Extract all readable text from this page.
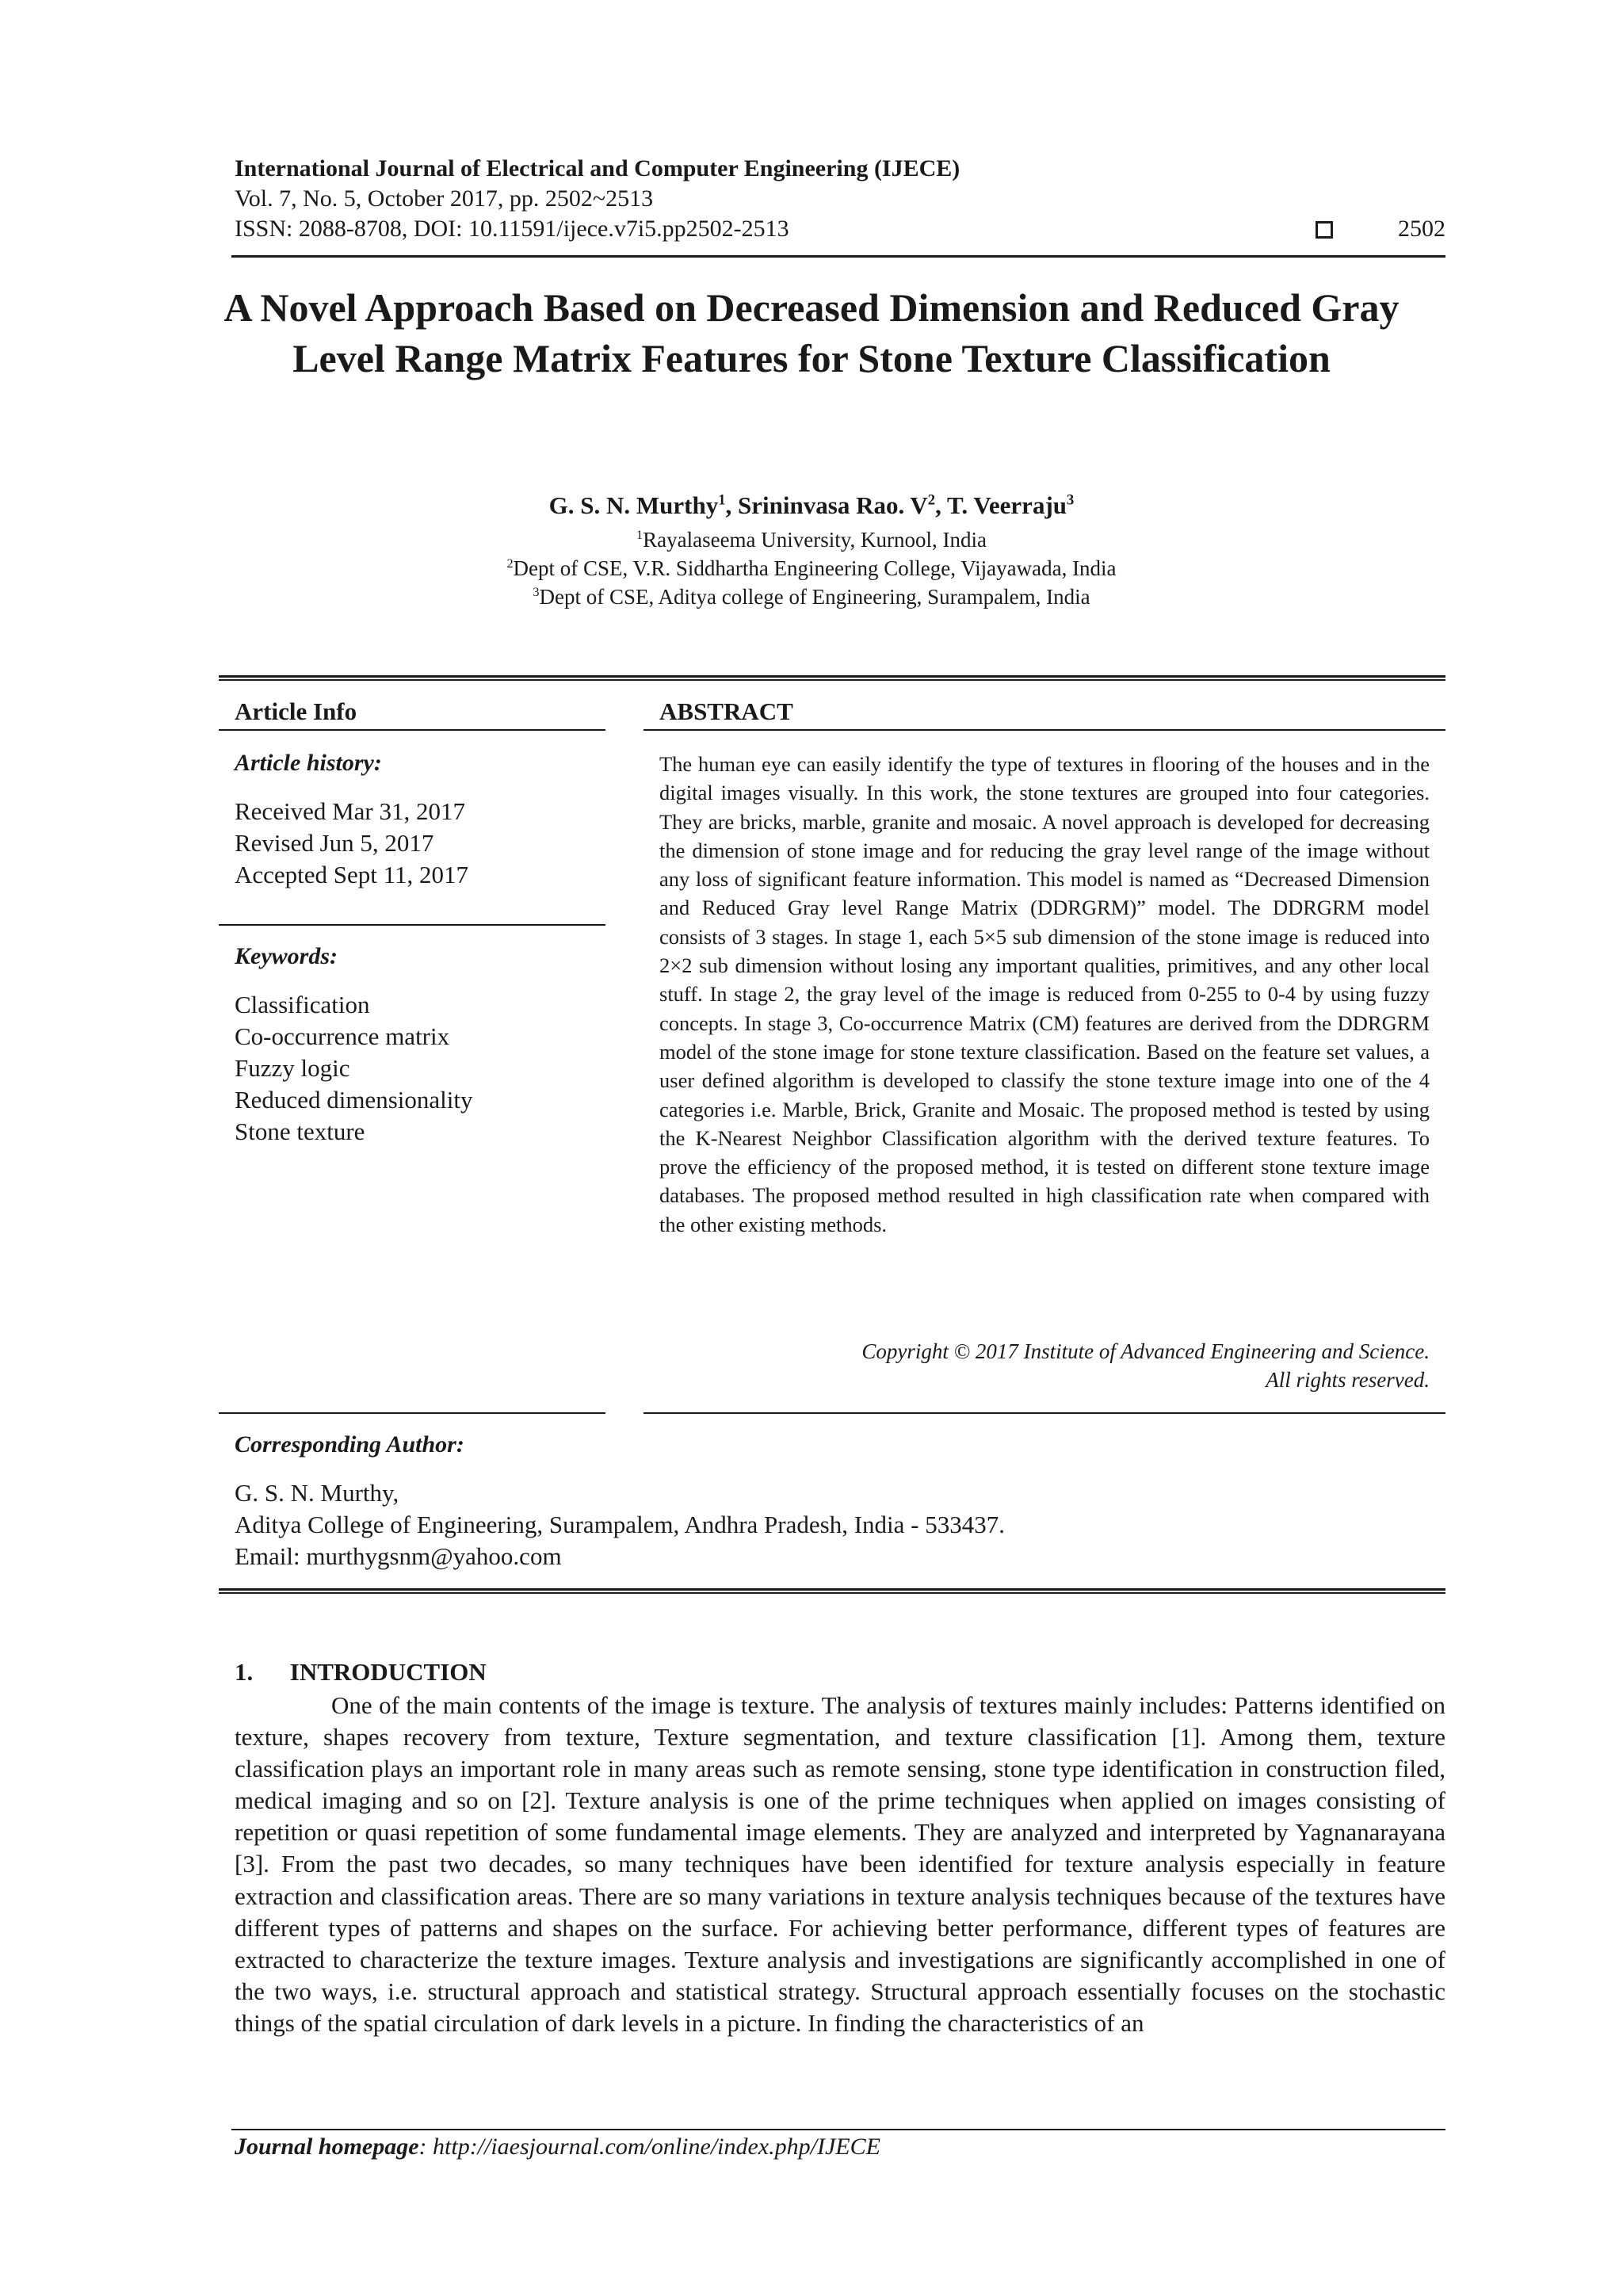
International Journal of Electrical and Computer Engineering (IJECE)
Vol. 7, No. 5, October 2017, pp. 2502~2513
ISSN: 2088-8708, DOI: 10.11591/ijece.v7i5.pp2502-2513	2502
A Novel Approach Based on Decreased Dimension and Reduced Gray Level Range Matrix Features for Stone Texture Classification
G. S. N. Murthy$^1$, Srininvasa Rao. $V^2$, T. Veerraju$^3$
$^1$Rayalaseema University, Kurnool, India
$^2$Dept of CSE, V.R. Siddhartha Engineering College, Vijayawada, India
$^3$Dept of CSE, Aditya college of Engineering, Surampalem, India
Article Info
Article history:
Received Mar 31, 2017
Revised Jun 5, 2017
Accepted Sept 11, 2017
Keywords:
Classification
Co-occurrence matrix
Fuzzy logic
Reduced dimensionality
Stone texture
ABSTRACT
The human eye can easily identify the type of textures in flooring of the houses and in the digital images visually. In this work, the stone textures are grouped into four categories. They are bricks, marble, granite and mosaic. A novel approach is developed for decreasing the dimension of stone image and for reducing the gray level range of the image without any loss of significant feature information. This model is named as “Decreased Dimension and Reduced Gray level Range Matrix (DDRGRM)” model. The DDRGRM model consists of 3 stages. In stage 1, each 5×5 sub dimension of the stone image is reduced into 2×2 sub dimension without losing any important qualities, primitives, and any other local stuff. In stage 2, the gray level of the image is reduced from 0-255 to 0-4 by using fuzzy concepts. In stage 3, Co-occurrence Matrix (CM) features are derived from the DDRGRM model of the stone image for stone texture classification. Based on the feature set values, a user defined algorithm is developed to classify the stone texture image into one of the 4 categories i.e. Marble, Brick, Granite and Mosaic. The proposed method is tested by using the K-Nearest Neighbor Classification algorithm with the derived texture features. To prove the efficiency of the proposed method, it is tested on different stone texture image databases. The proposed method resulted in high classification rate when compared with the other existing methods.
Copyright © 2017 Institute of Advanced Engineering and Science.
All rights reserved.
Corresponding Author:
G. S. N. Murthy,
Aditya College of Engineering, Surampalem, Andhra Pradesh, India - 533437.
Email: murthygsnm@yahoo.com
1.      INTRODUCTION
One of the main contents of the image is texture. The analysis of textures mainly includes: Patterns identified on texture, shapes recovery from texture, Texture segmentation, and texture classification [1]. Among them, texture classification plays an important role in many areas such as remote sensing, stone type identification in construction filed, medical imaging and so on [2]. Texture analysis is one of the prime techniques when applied on images consisting of repetition or quasi repetition of some fundamental image elements. They are analyzed and interpreted by Yagnanarayana [3]. From the past two decades, so many techniques have been identified for texture analysis especially in feature extraction and classification areas. There are so many variations in texture analysis techniques because of the textures have different types of patterns and shapes on the surface. For achieving better performance, different types of features are extracted to characterize the texture images. Texture analysis and investigations are significantly accomplished in one of the two ways, i.e. structural approach and statistical strategy. Structural approach essentially focuses on the stochastic things of the spatial circulation of dark levels in a picture. In finding the characteristics of an
Journal homepage: http://iaesjournal.com/online/index.php/IJECE
